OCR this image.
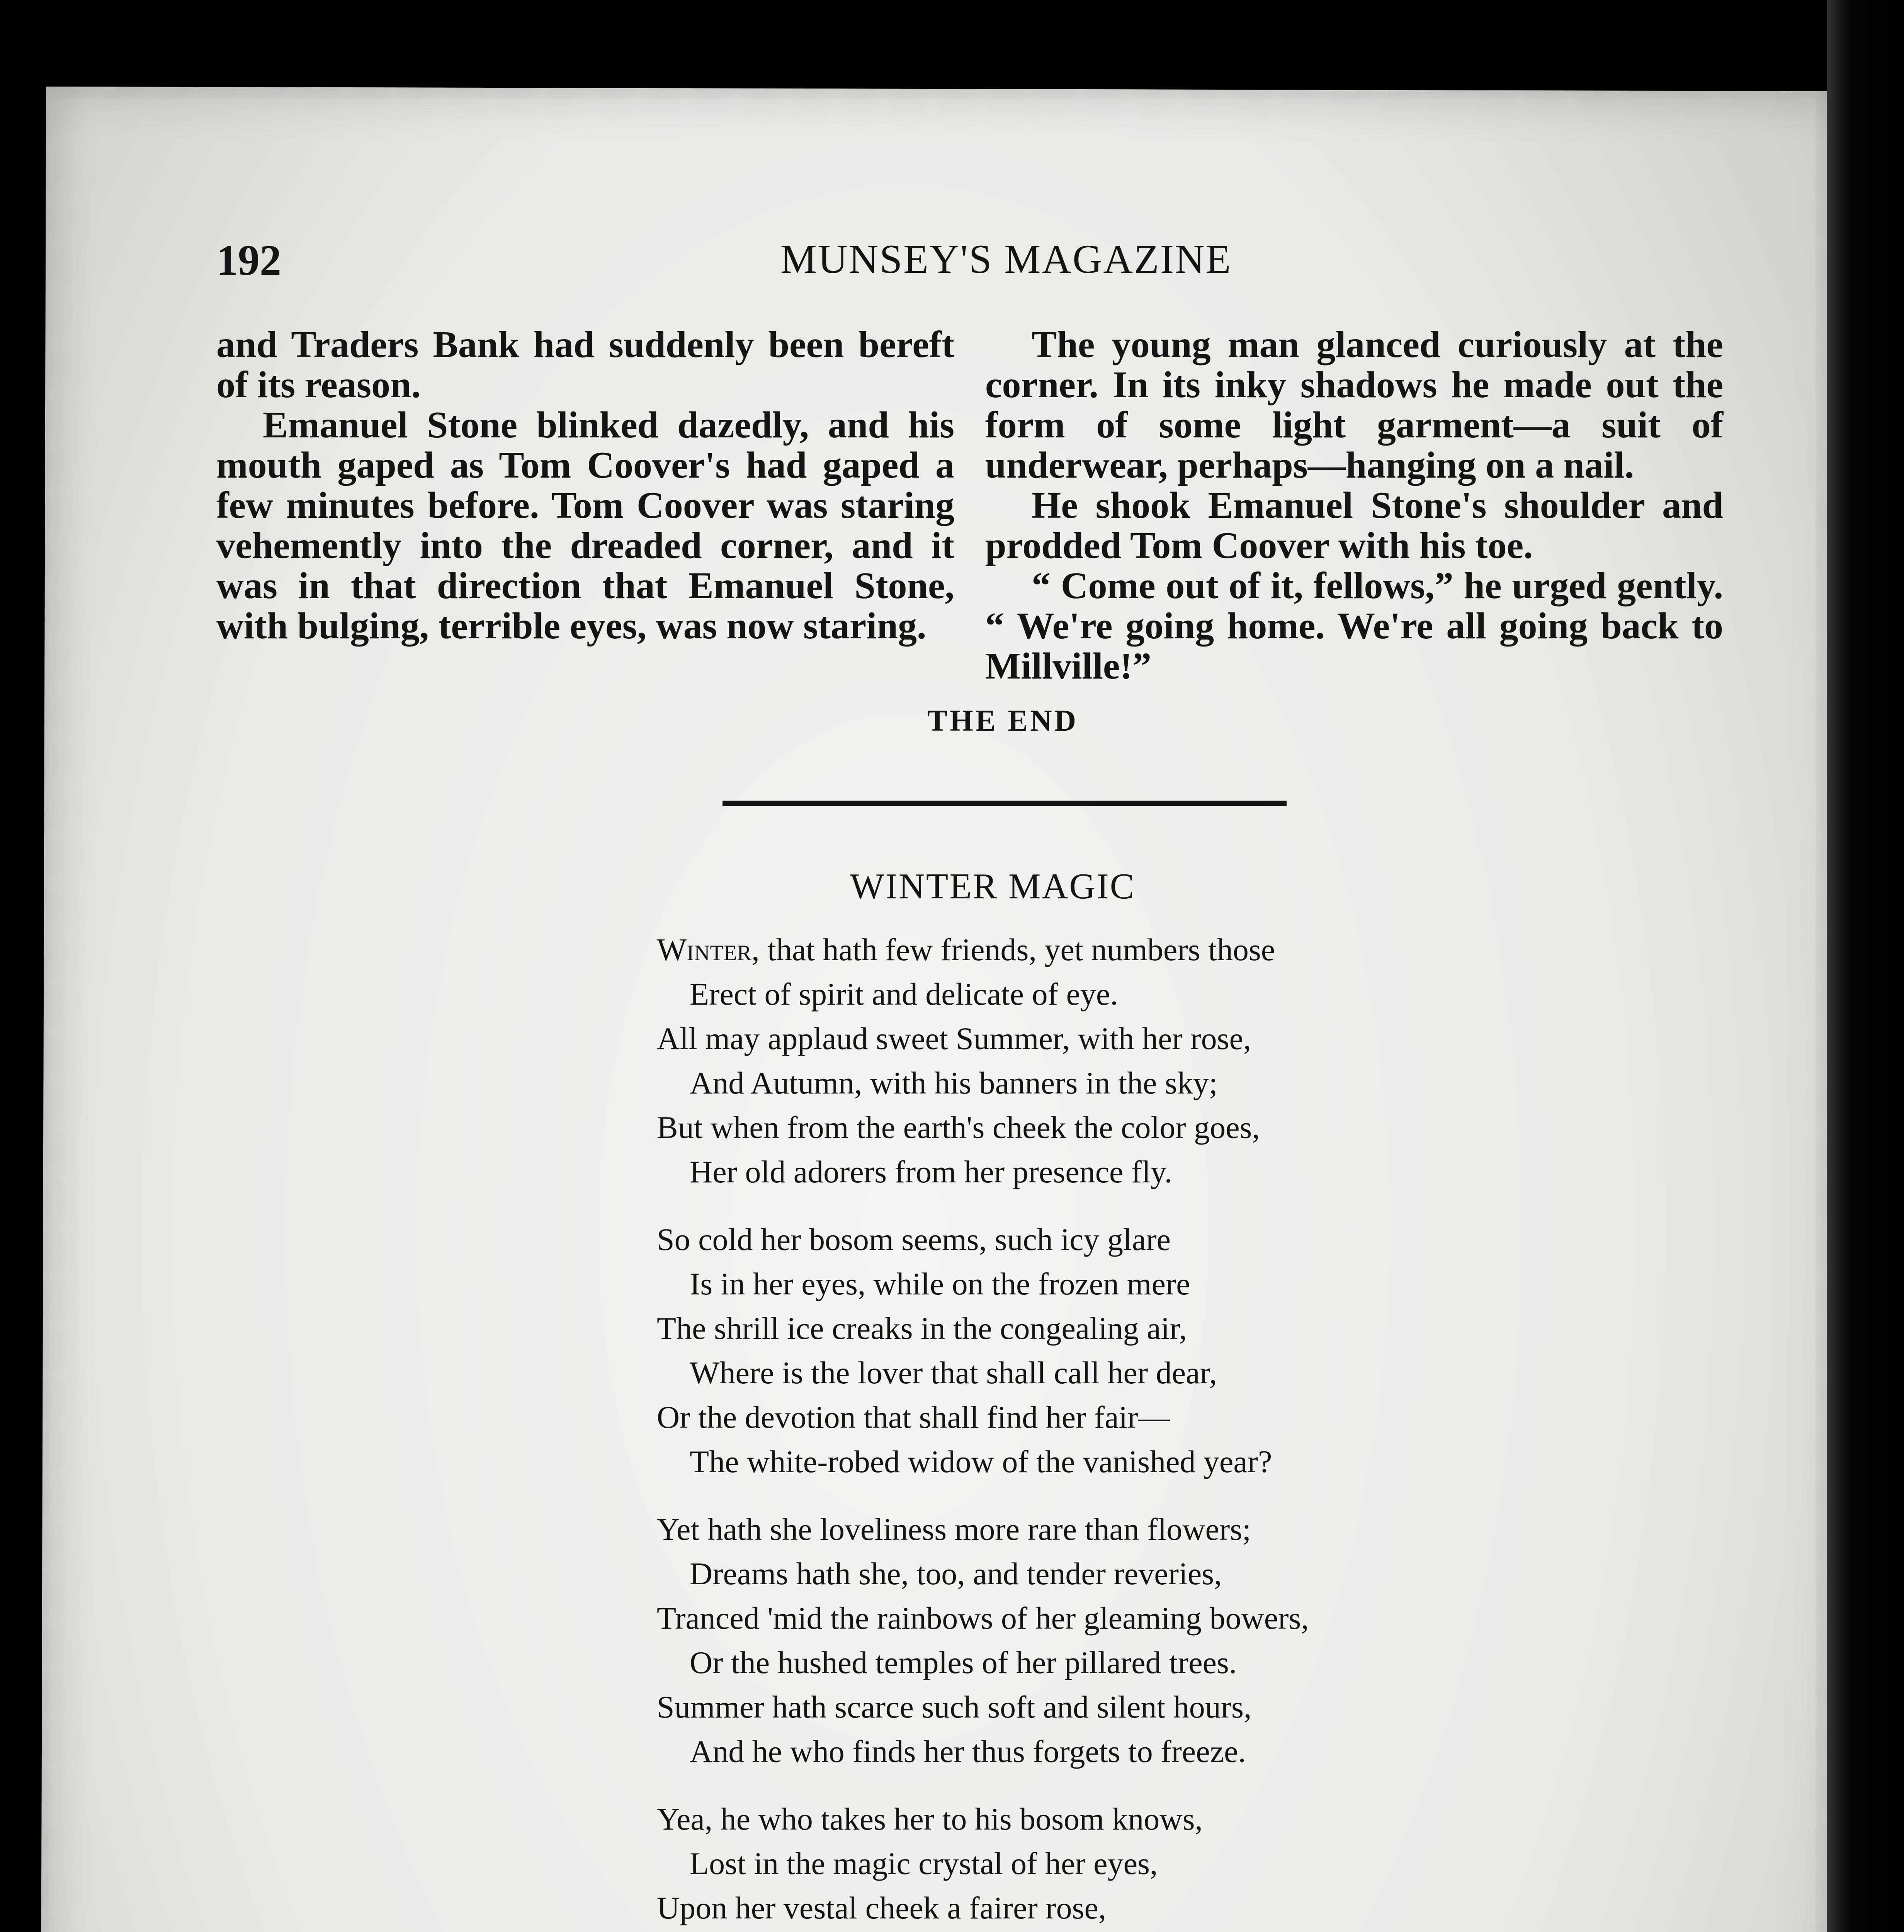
192	MUNSEY'S MAGAZINE

and Traders Bank had suddenly been bereft of its reason.

Emanuel Stone blinked dazedly, and his mouth gaped as Tom Coover's had gaped a few minutes before. Tom Coover was staring vehemently into the dreaded corner, and it was in that direction that Emanuel Stone, with bulging, terrible eyes, was now staring.

The young man glanced curiously at the corner. In its inky shadows he made out the form of some light garment—a suit of underwear, perhaps—hanging on a nail.

He shook Emanuel Stone's shoulder and prodded Tom Coover with his toe.

“ Come out of it, fellows,” he urged gently. “ We're going home. We're all going back to Millville!”

THE END
WINTER MAGIC
Winter, that hath few friends, yet numbers those
Erect of spirit and delicate of eye.
All may applaud sweet Summer, with her rose,
And Autumn, with his banners in the sky;
But when from the earth's cheek the color goes,
Her old adorers from her presence fly.
So cold her bosom seems, such icy glare
Is in her eyes, while on the frozen mere
The shrill ice creaks in the congealing air,
Where is the lover that shall call her dear,
Or the devotion that shall find her fair—
The white-robed widow of the vanished year?
Yet hath she loveliness more rare than flowers;
Dreams hath she, too, and tender reveries,
Tranced 'mid the rainbows of her gleaming bowers,
Or the hushed temples of her pillared trees.
Summer hath scarce such soft and silent hours,
And he who finds her thus forgets to freeze.
Yea, he who takes her to his bosom knows,
Lost in the magic crystal of her eyes,
Upon her vestal cheek a fairer rose,
